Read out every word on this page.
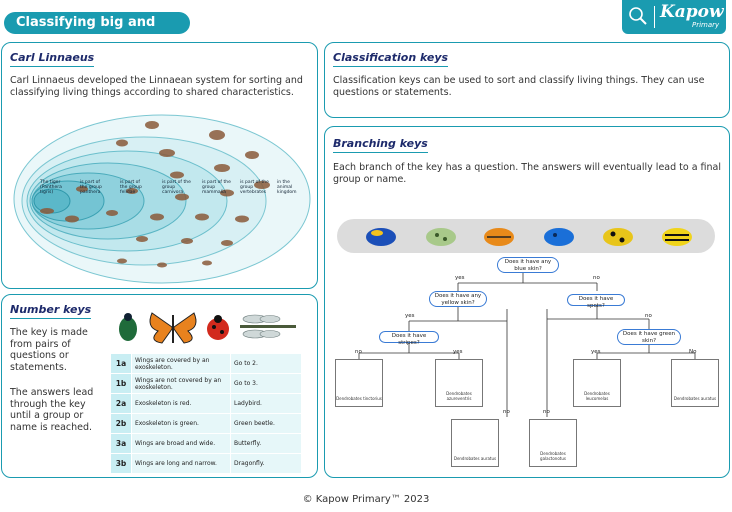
Classifying big and
Kapow
Primary
Carl Linnaeus
Carl Linnaeus developed the Linnaean system for sorting and classifying living things according to shared characteristics.
The tiger (Panthera tigris)
is part of the group panthera
is part of the group felidae
is part of the group carnivora
is part of the group mammalia
is part of the group vertebrates
in the animal kingdom
Classification keys
Classification keys can be used to sort and classify living things. They can use questions or statements.
Number keys
The key is made from pairs of questions or statements.
The answers lead through the key until a group or name is reached.
1a	Wings are covered by an exoskeleton.	Go to 2.
1b	Wings are not covered by an exoskeleton.	Go to 3.
2a	Exoskeleton is red.	Ladybird.
2b	Exoskeleton is green.	Green beetle.
3a	Wings are broad and wide.	Butterfly.
3b	Wings are long and narrow.	Dragonfly.
Branching keys
Each branch of the key has a question. The answers will eventually lead to a final group or name.
Does it have any blue skin?
Does it have any yellow skin?
Does it have spots?
Does it have stripes?
Does it have green skin?
yes	no
yes	no
no	yes	yes	No
no	no
Dendrobates tinctorius
Dendrobates azureventris
Dendrobates leucomelas	Dendrobates auratus
Dendrobates auratus
Dendrobates galactonotus
© Kapow Primary™ 2023
